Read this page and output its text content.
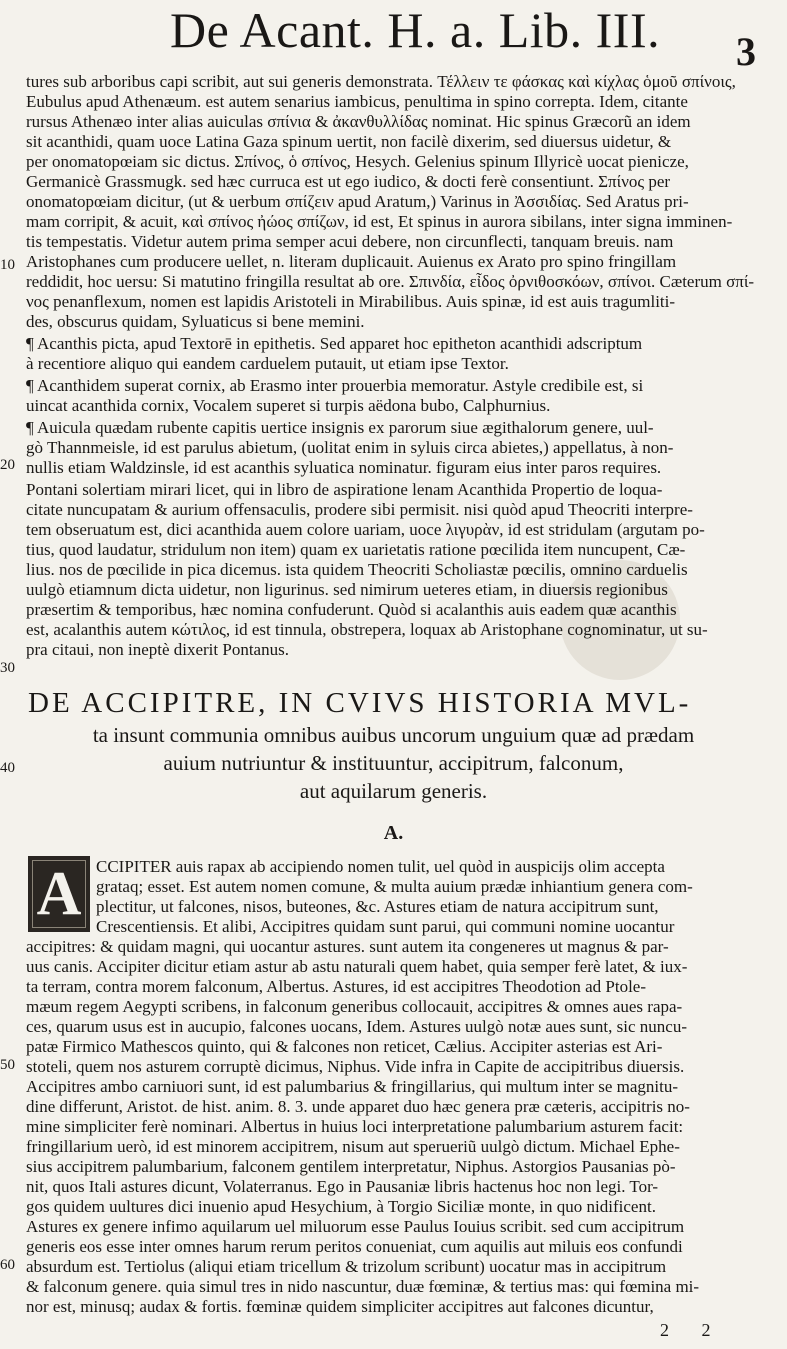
De Acant. H. a. Lib. III. 3
10
20
30
40
50
60
tures sub arboribus capi scribit, aut sui generis demonstrata. Τέλλειν τε φάσκας καὶ κίχλας ὁμοῦ σπίνοις,
Eubulus apud Athenæum. est autem senarius iambicus, penultima in spino correpta. Idem, citante
rursus Athenæo inter alias auiculas σπίνια & ἀκανθυλλίδας nominat. Hic spinus Græcorũ an idem
sit acanthidi, quam uoce Latina Gaza spinum uertit, non facilè dixerim, sed diuersus uidetur, &
per onomatopœiam sic dictus. Σπίνος, ὁ σπίνος, Hesych. Gelenius spinum Illyricè uocat pienicze,
Germanicè Grassmugk. sed hæc curruca est ut ego iudico, & docti ferè consentiunt. Σπίνος per
onomatopœiam dicitur, (ut & uerbum σπίζειν apud Aratum,) Varinus in Ἀσσιδίας. Sed Aratus pri-
mam corripit, & acuit, καὶ σπίνος ἠώος σπίζων, id est, Et spinus in aurora sibilans, inter signa imminen-
tis tempestatis. Videtur autem prima semper acui debere, non circunflecti, tanquam breuis. nam
Aristophanes cum producere uellet, n. literam duplicauit. Auienus ex Arato pro spino fringillam
reddidit, hoc uersu: Si matutino fringilla resultat ab ore. Σπινδία, εἶδος ὀρνιθοσκόων, σπίνοι. Cæterum σπί-
νος penanflexum, nomen est lapidis Aristoteli in Mirabilibus. Auis spinæ, id est auis tragumliti-
des, obscurus quidam, Syluaticus si bene memini.
¶ Acanthis picta, apud Textorē in epithetis. Sed apparet hoc epitheton acanthidi adscriptum
à recentiore aliquo qui eandem carduelem putauit, ut etiam ipse Textor.
¶ Acanthidem superat cornix, ab Erasmo inter prouerbia memoratur. Astyle credibile est, si
uincat acanthida cornix, Vocalem superet si turpis aëdona bubo, Calphurnius.
¶ Auicula quædam rubente capitis uertice insignis ex parorum siue ægithalorum genere, uul-
gò Thannmeisle, id est parulus abietum, (uolitat enim in syluis circa abietes,) appellatus, à non-
nullis etiam Waldzinsle, id est acanthis syluatica nominatur. figuram eius inter paros requires.
Pontani solertiam mirari licet, qui in libro de aspiratione lenam Acanthida Propertio de loqua-
citate nuncupatam & aurium offensaculis, prodere sibi permisit. nisi quòd apud Theocriti interpre-
tem obseruatum est, dici acanthida auem colore uariam, uoce λιγυρὰν, id est stridulam (argutam po-
tius, quod laudatur, stridulum non item) quam ex uarietatis ratione pœcilida item nuncupent, Cæ-
lius. nos de pœcilide in pica dicemus. ista quidem Theocriti Scholiastæ pœcilis, omnino carduelis
uulgò etiamnum dicta uidetur, non ligurinus. sed nimirum ueteres etiam, in diuersis regionibus
præsertim & temporibus, hæc nomina confuderunt. Quòd si acalanthis auis eadem quæ acanthis
est, acalanthis autem κώτιλος, id est tinnula, obstrepera, loquax ab Aristophane cognominatur, ut su-
pra citaui, non ineptè dixerit Pontanus.
DE ACCIPITRE, IN CVIVS HISTORIA MVL-
ta insunt communia omnibus auibus uncorum unguium quæ ad prædam
auium nutriuntur & instituuntur, accipitrum, falconum,
aut aquilarum generis.
A.
A CCIPITER auis rapax ab accipiendo nomen tulit, uel quòd in auspicijs olim accepta
grataq; esset. Est autem nomen comune, & multa auium prædæ inhiantium genera com-
plectitur, ut falcones, nisos, buteones, &c. Astures etiam de natura accipitrum sunt,
Crescentiensis. Et alibi, Accipitres quidam sunt parui, qui communi nomine uocantur
accipitres: & quidam magni, qui uocantur astures. sunt autem ita congeneres ut magnus & par-
uus canis. Accipiter dicitur etiam astur ab astu naturali quem habet, quia semper ferè latet, & iux-
ta terram, contra morem falconum, Albertus. Astures, id est accipitres Theodotion ad Ptole-
mæum regem Aegypti scribens, in falconum generibus collocauit, accipitres & omnes aues rapa-
ces, quarum usus est in aucupio, falcones uocans, Idem. Astures uulgò notæ aues sunt, sic nuncu-
patæ Firmico Mathescos quinto, qui & falcones non reticet, Cælius. Accipiter asterias est Ari-
stoteli, quem nos asturem corruptè dicimus, Niphus. Vide infra in Capite de accipitribus diuersis.
Accipitres ambo carniuori sunt, id est palumbarius & fringillarius, qui multum inter se magnitu-
dine differunt, Aristot. de hist. anim. 8. 3. unde apparet duo hæc genera præ cæteris, accipitris no-
mine simpliciter ferè nominari. Albertus in huius loci interpretatione palumbarium asturem facit:
fringillarium uerò, id est minorem accipitrem, nisum aut sperueriũ uulgò dictum. Michael Ephe-
sius accipitrem palumbarium, falconem gentilem interpretatur, Niphus. Astorgios Pausanias pò-
nit, quos Itali astures dicunt, Volaterranus. Ego in Pausaniæ libris hactenus hoc non legi. Tor-
gos quidem uultures dici inuenio apud Hesychium, à Torgio Siciliæ monte, in quo nidificent.
Astures ex genere infimo aquilarum uel miluorum esse Paulus Iouius scribit. sed cum accipitrum
generis eos esse inter omnes harum rerum peritos conueniat, cum aquilis aut miluis eos confundi
absurdum est. Tertiolus (aliqui etiam tricellum & trizolum scribunt) uocatur mas in accipitrum
& falconum genere. quia simul tres in nido nascuntur, duæ fœminæ, & tertius mas: qui fœmina mi-
nor est, minusq; audax & fortis. fœminæ quidem simpliciter accipitres aut falcones dicuntur,
2 2
